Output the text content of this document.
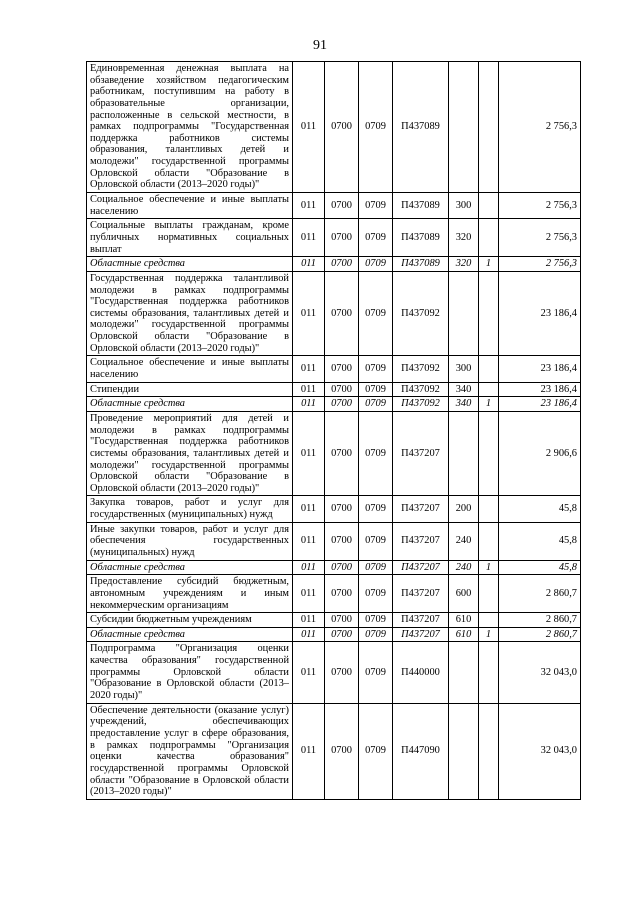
91
Единовременная денежная выплата на обзаведение хозяйством педагогическим работникам, поступившим на работу в образовательные организации, расположенные в сельской местности, в рамках подпрограммы "Государственная поддержка работников системы образования, талантливых детей и молодежи" государственной программы Орловской области "Образование в Орловской области (2013–2020 годы)"	011	0700	0709	П437089			2 756,3
Социальное обеспечение и иные выплаты населению	011	0700	0709	П437089	300		2 756,3
Социальные выплаты гражданам, кроме публичных нормативных социальных выплат	011	0700	0709	П437089	320		2 756,3
Областные средства	011	0700	0709	П437089	320	1	2 756,3
Государственная поддержка талантливой молодежи в рамках подпрограммы "Государственная поддержка работников системы образования, талантливых детей и молодежи" государственной программы Орловской области "Образование в Орловской области (2013–2020 годы)"	011	0700	0709	П437092			23 186,4
Социальное обеспечение и иные выплаты населению	011	0700	0709	П437092	300		23 186,4
Стипендии	011	0700	0709	П437092	340		23 186,4
Областные средства	011	0700	0709	П437092	340	1	23 186,4
Проведение мероприятий для детей и молодежи в рамках подпрограммы "Государственная поддержка работников системы образования, талантливых детей и молодежи" государственной программы Орловской области "Образование в Орловской области (2013–2020 годы)"	011	0700	0709	П437207			2 906,6
Закупка товаров, работ и услуг для государственных (муниципальных) нужд	011	0700	0709	П437207	200		45,8
Иные закупки товаров, работ и услуг для обеспечения государственных (муниципальных) нужд	011	0700	0709	П437207	240		45,8
Областные средства	011	0700	0709	П437207	240	1	45,8
Предоставление субсидий бюджетным, автономным учреждениям и иным некоммерческим организациям	011	0700	0709	П437207	600		2 860,7
Субсидии бюджетным учреждениям	011	0700	0709	П437207	610		2 860,7
Областные средства	011	0700	0709	П437207	610	1	2 860,7
Подпрограмма "Организация оценки качества образования" государственной программы Орловской области "Образование в Орловской области (2013–2020 годы)"	011	0700	0709	П440000			32 043,0
Обеспечение деятельности (оказание услуг) учреждений, обеспечивающих предоставление услуг в сфере образования, в рамках подпрограммы "Организация оценки качества образования" государственной программы Орловской области "Образование в Орловской области (2013–2020 годы)"	011	0700	0709	П447090			32 043,0
